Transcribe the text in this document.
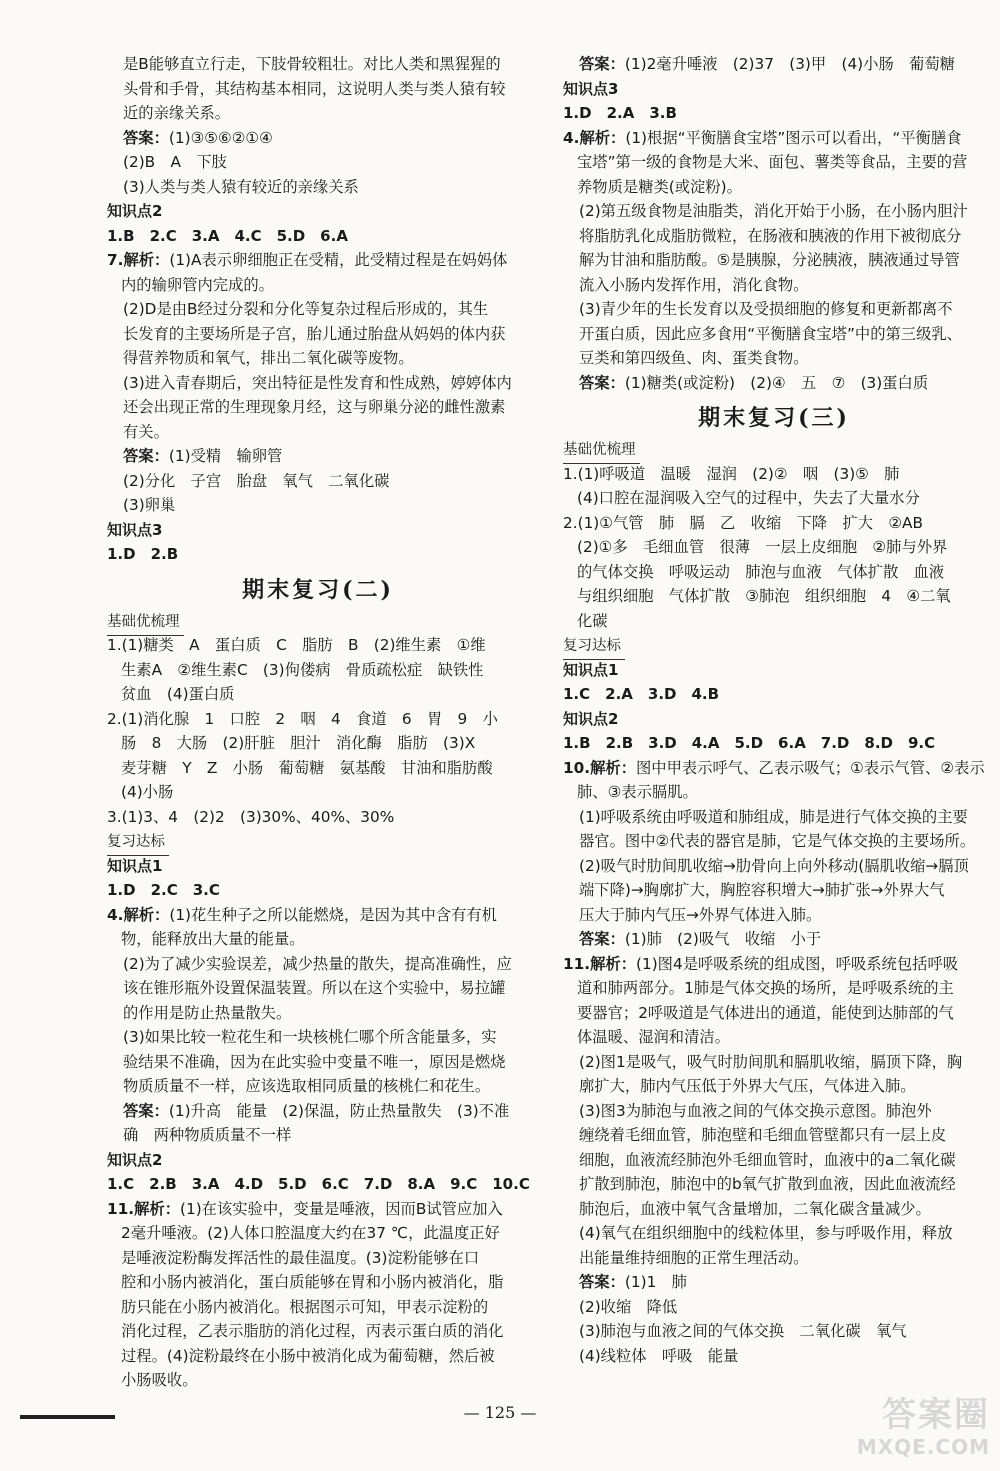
是B能够直立行走，下肢骨较粗壮。对比人类和黑猩猩的
头骨和手骨，其结构基本相同，这说明人类与类人猿有较
近的亲缘关系。
答案：(1)③⑤⑥②①④
(2)B　A　下肢
(3)人类与类人猿有较近的亲缘关系
知识点2
1.B　2.C　3.A　4.C　5.D　6.A
7.解析：(1)A表示卵细胞正在受精，此受精过程是在妈妈体
内的输卵管内完成的。
(2)D是由B经过分裂和分化等复杂过程后形成的，其生
长发育的主要场所是子宫，胎儿通过胎盘从妈妈的体内获
得营养物质和氧气，排出二氧化碳等废物。
(3)进入青春期后，突出特征是性发育和性成熟，婷婷体内
还会出现正常的生理现象月经，这与卵巢分泌的雌性激素
有关。
答案：(1)受精　输卵管
(2)分化　子宫　胎盘　氧气　二氧化碳
(3)卵巢
知识点3
1.D　2.B
期末复习(二)
基础优梳理
1.(1)糖类　A　蛋白质　C　脂肪　B　(2)维生素　①维
生素A　②维生素C　(3)佝偻病　骨质疏松症　缺铁性
贫血　(4)蛋白质
2.(1)消化腺　1　口腔　2　咽　4　食道　6　胃　9　小
肠　8　大肠　(2)肝脏　胆汁　消化酶　脂肪　(3)X
麦芽糖　Y　Z　小肠　葡萄糖　氨基酸　甘油和脂肪酸
(4)小肠
3.(1)3、4　(2)2　(3)30%、40%、30%
复习达标
知识点1
1.D　2.C　3.C
4.解析：(1)花生种子之所以能燃烧，是因为其中含有有机
物，能释放出大量的能量。
(2)为了减少实验误差，减少热量的散失，提高准确性，应
该在锥形瓶外设置保温装置。所以在这个实验中，易拉罐
的作用是防止热量散失。
(3)如果比较一粒花生和一块核桃仁哪个所含能量多，实
验结果不准确，因为在此实验中变量不唯一，原因是燃烧
物质质量不一样，应该选取相同质量的核桃仁和花生。
答案：(1)升高　能量　(2)保温，防止热量散失　(3)不准
确　两种物质质量不一样
知识点2
1.C　2.B　3.A　4.D　5.D　6.C　7.D　8.A　9.C　10.C
11.解析：(1)在该实验中，变量是唾液，因而B试管应加入
2毫升唾液。(2)人体口腔温度大约在37 ℃，此温度正好
是唾液淀粉酶发挥活性的最佳温度。(3)淀粉能够在口
腔和小肠内被消化，蛋白质能够在胃和小肠内被消化，脂
肪只能在小肠内被消化。根据图示可知，甲表示淀粉的
消化过程，乙表示脂肪的消化过程，丙表示蛋白质的消化
过程。(4)淀粉最终在小肠中被消化成为葡萄糖，然后被
小肠吸收。
答案：(1)2毫升唾液　(2)37　(3)甲　(4)小肠　葡萄糖
知识点3
1.D　2.A　3.B
4.解析：(1)根据“平衡膳食宝塔”图示可以看出，“平衡膳食
宝塔”第一级的食物是大米、面包、薯类等食品，主要的营
养物质是糖类(或淀粉)。
(2)第五级食物是油脂类，消化开始于小肠，在小肠内胆汁
将脂肪乳化成脂肪微粒，在肠液和胰液的作用下被彻底分
解为甘油和脂肪酸。⑤是胰腺，分泌胰液，胰液通过导管
流入小肠内发挥作用，消化食物。
(3)青少年的生长发育以及受损细胞的修复和更新都离不
开蛋白质，因此应多食用“平衡膳食宝塔”中的第三级乳、
豆类和第四级鱼、肉、蛋类食物。
答案：(1)糖类(或淀粉)　(2)④　五　⑦　(3)蛋白质
期末复习(三)
基础优梳理
1.(1)呼吸道　温暖　湿润　(2)②　咽　(3)⑤　肺
(4)口腔在湿润吸入空气的过程中，失去了大量水分
2.(1)①气管　肺　膈　乙　收缩　下降　扩大　②AB
(2)①多　毛细血管　很薄　一层上皮细胞　②肺与外界
的气体交换　呼吸运动　肺泡与血液　气体扩散　血液
与组织细胞　气体扩散　③肺泡　组织细胞　4　④二氧
化碳
复习达标
知识点1
1.C　2.A　3.D　4.B
知识点2
1.B　2.B　3.D　4.A　5.D　6.A　7.D　8.D　9.C
10.解析：图中甲表示呼气、乙表示吸气；①表示气管、②表示
肺、③表示膈肌。
(1)呼吸系统由呼吸道和肺组成，肺是进行气体交换的主要
器官。图中②代表的器官是肺，它是气体交换的主要场所。
(2)吸气时肋间肌收缩→肋骨向上向外移动(膈肌收缩→膈顶
端下降)→胸廓扩大，胸腔容积增大→肺扩张→外界大气
压大于肺内气压→外界气体进入肺。
答案：(1)肺　(2)吸气　收缩　小于
11.解析：(1)图4是呼吸系统的组成图，呼吸系统包括呼吸
道和肺两部分。1肺是气体交换的场所，是呼吸系统的主
要器官；2呼吸道是气体进出的通道，能使到达肺部的气
体温暖、湿润和清洁。
(2)图1是吸气，吸气时肋间肌和膈肌收缩，膈顶下降，胸
廓扩大，肺内气压低于外界大气压，气体进入肺。
(3)图3为肺泡与血液之间的气体交换示意图。肺泡外
缠绕着毛细血管，肺泡壁和毛细血管壁都只有一层上皮
细胞，血液流经肺泡外毛细血管时，血液中的a二氧化碳
扩散到肺泡，肺泡中的b氧气扩散到血液，因此血液流经
肺泡后，血液中氧气含量增加，二氧化碳含量减少。
(4)氧气在组织细胞中的线粒体里，参与呼吸作用，释放
出能量维持细胞的正常生理活动。
答案：(1)1　肺
(2)收缩　降低
(3)肺泡与血液之间的气体交换　二氧化碳　氧气
(4)线粒体　呼吸　能量
— 125 —	答案圈
MXQE.COM
